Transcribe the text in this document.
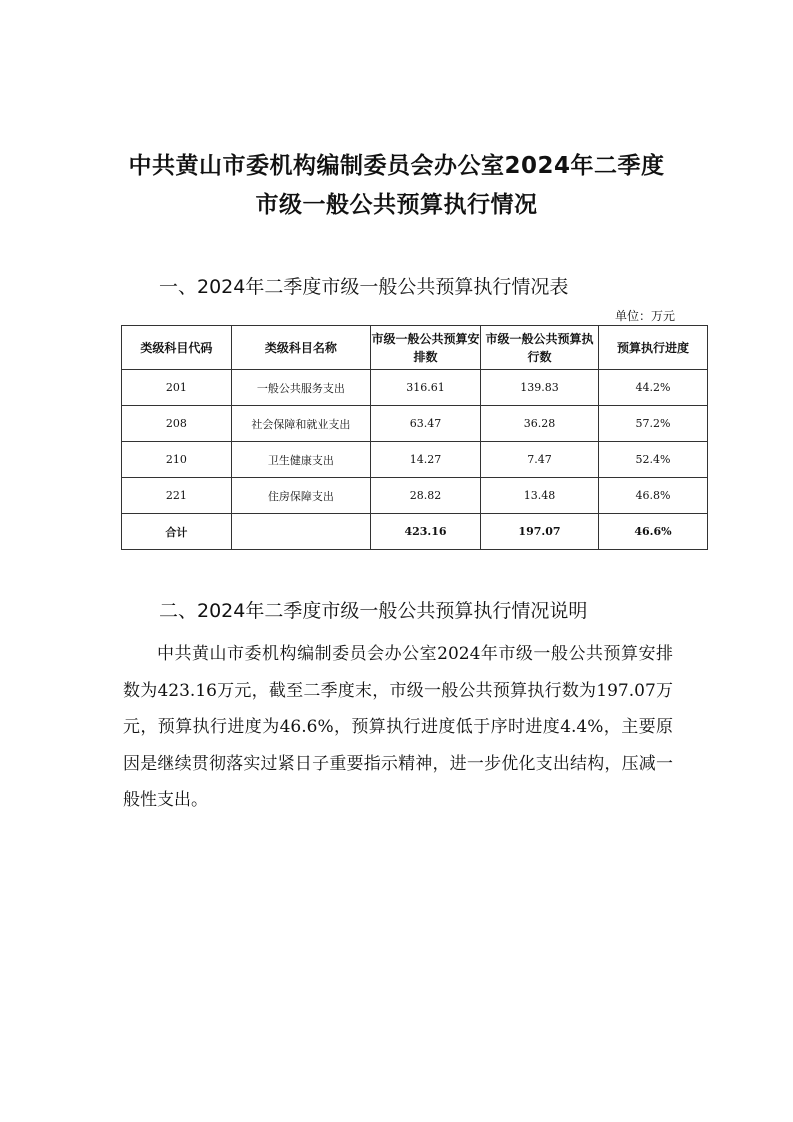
中共黄山市委机构编制委员会办公室2024年二季度
市级一般公共预算执行情况
一、2024年二季度市级一般公共预算执行情况表
单位：万元
类级科目代码	类级科目名称	市级一般公共预算安排数	市级一般公共预算执行数	预算执行进度
201	一般公共服务支出	316.61	139.83	44.2%
208	社会保障和就业支出	63.47	36.28	57.2%
210	卫生健康支出	14.27	7.47	52.4%
221	住房保障支出	28.82	13.48	46.8%
合计		423.16	197.07	46.6%
二、2024年二季度市级一般公共预算执行情况说明
中共黄山市委机构编制委员会办公室2024年市级一般公共预算安排数为423.16万元，截至二季度末，市级一般公共预算执行数为197.07万元，预算执行进度为46.6%，预算执行进度低于序时进度4.4%，主要原因是继续贯彻落实过紧日子重要指示精神，进一步优化支出结构，压减一般性支出。
